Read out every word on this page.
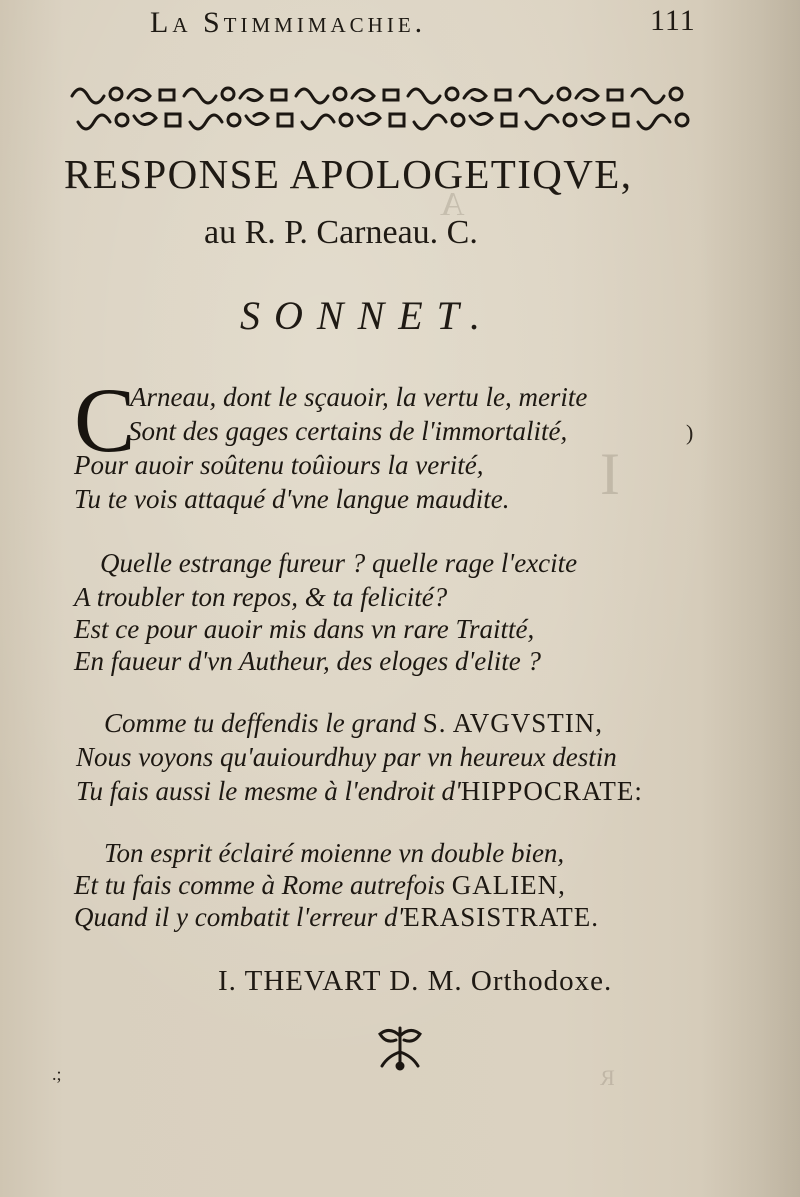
A
I
R
La Stimmimachie.	111
RESPONSE APOLOGETIQVE,
au R. P. Carneau. C.
SONNET.
C
Arneau, dont le sçauoir, la vertu le, merite
Sont des gages certains de l'immortalité,
Pour auoir soûtenu toûiours la verité,
Tu te vois attaqué d'vne langue maudite.
Quelle estrange fureur ? quelle rage l'excite
A troubler ton repos, & ta felicité?
Est ce pour auoir mis dans vn rare Traitté,
En faueur d'vn Autheur, des eloges d'elite ?
Comme tu deffendis le grand S. AVGVSTIN,
Nous voyons qu'auiourdhuy par vn heureux destin
Tu fais aussi le mesme à l'endroit d'HIPPOCRATE:
Ton esprit éclairé moienne vn double bien,
Et tu fais comme à Rome autrefois GALIEN,
Quand il y combatit l'erreur d'ERASISTRATE.
I. THEVART D. M. Orthodoxe.
)
.;
